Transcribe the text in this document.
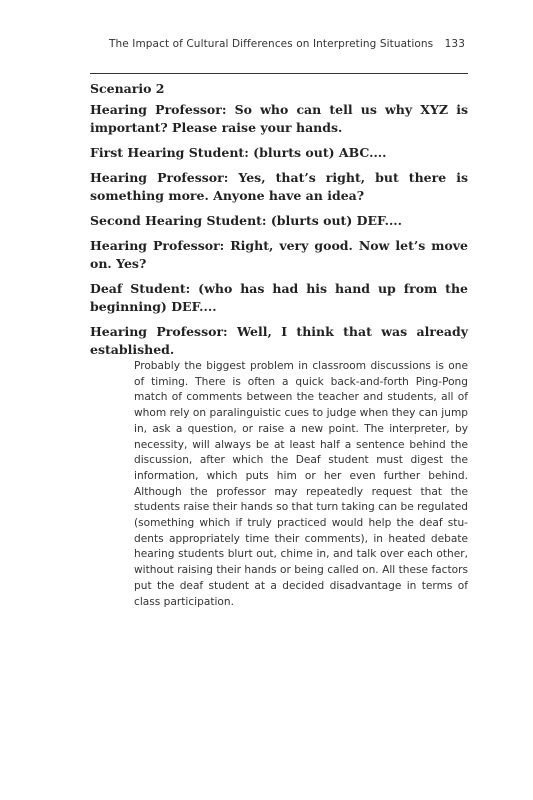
The Impact of Cultural Differences on Interpreting Situations 133
Scenario 2

Hearing Professor: So who can tell us why XYZ is important? Please raise your hands.

First Hearing Student: (blurts out) ABC....

Hearing Professor: Yes, that’s right, but there is something more. Anyone have an idea?

Second Hearing Student: (blurts out) DEF....

Hearing Professor: Right, very good. Now let’s move on. Yes?

Deaf Student: (who has had his hand up from the beginning) DEF....

Hearing Professor: Well, I think that was already established.

Probably the biggest problem in classroom discussions is one of timing. There is often a quick back-and-forth Ping-Pong match of comments between the teacher and students, all of whom rely on paralinguistic cues to judge when they can jump in, ask a question, or raise a new point. The interpreter, by necessity, will always be at least half a sentence behind the discussion, after which the Deaf student must digest the information, which puts him or her even further behind. Although the professor may repeatedly request that the students raise their hands so that turn taking can be regulated (something which if truly practiced would help the deaf students appropriately time their comments), in heated debate hearing students blurt out, chime in, and talk over each other, without raising their hands or being called on. All these factors put the deaf student at a decided disadvantage in terms of class participation.
